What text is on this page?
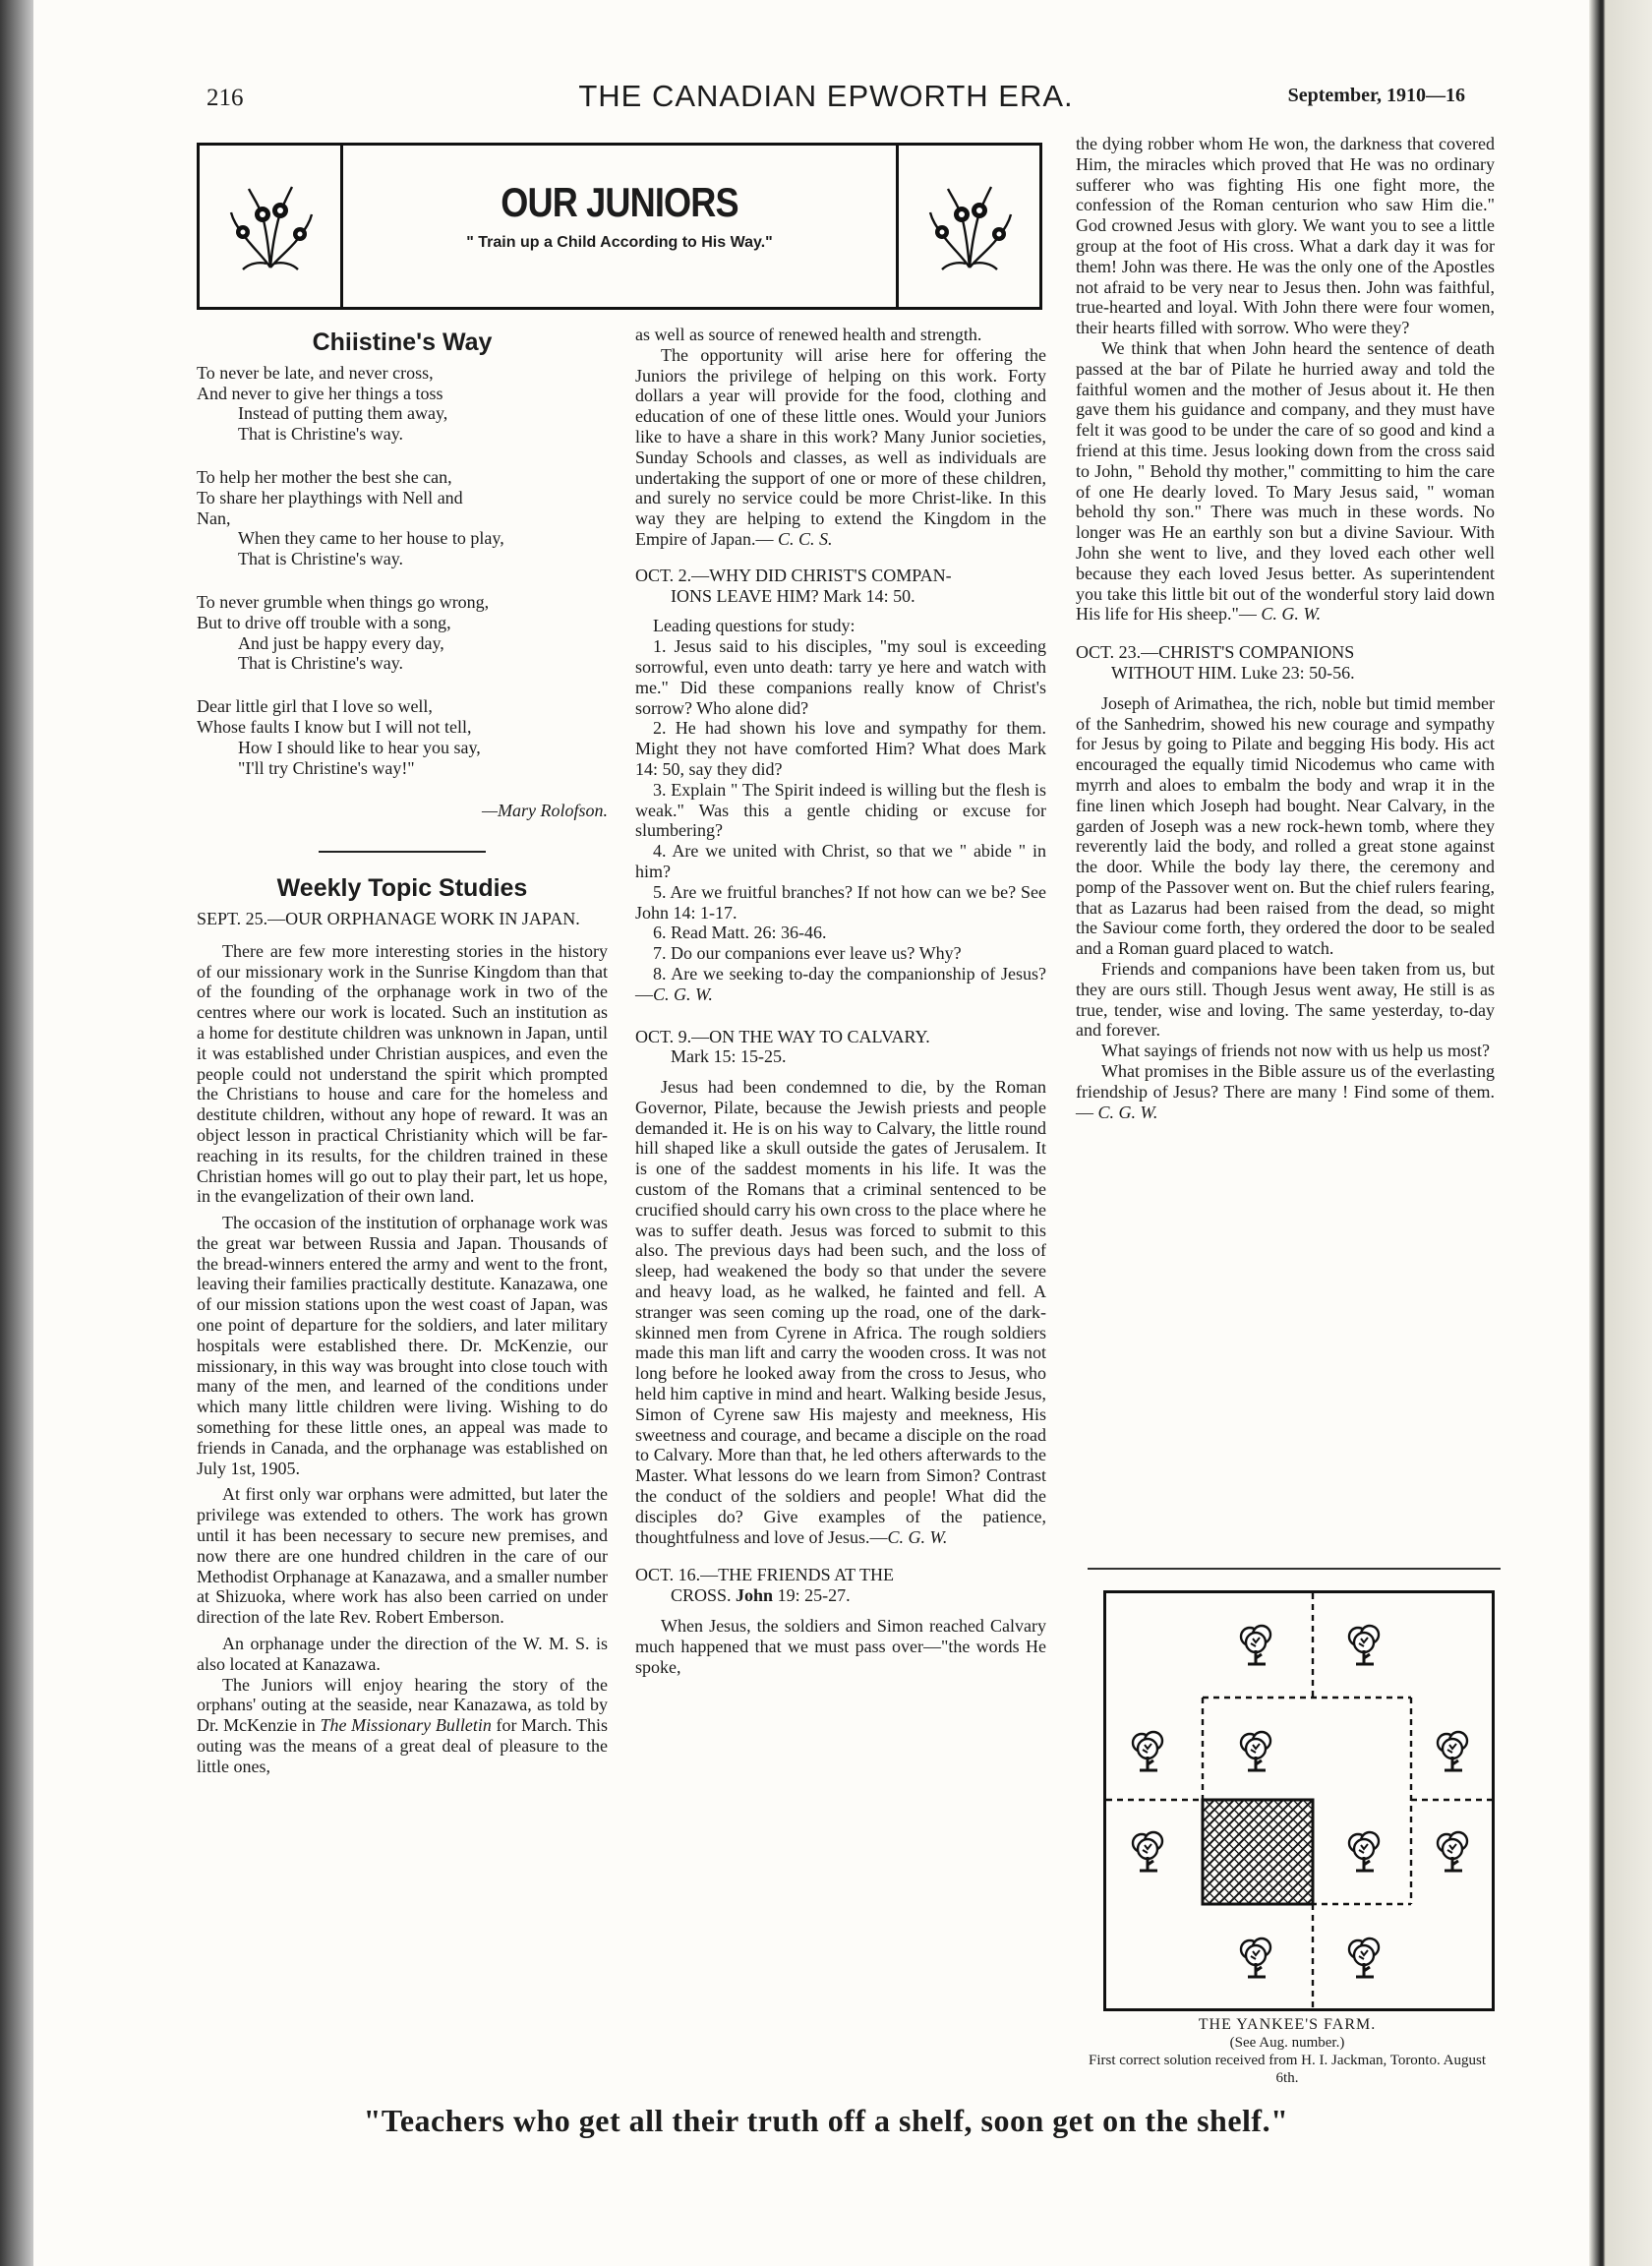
216	THE CANADIAN EPWORTH ERA.	September, 1910—16
OUR JUNIORS
" Train up a Child According to His Way."
Chiistine's Way
To never be late, and never cross,
And never to give her things a toss
Instead of putting them away,
That is Christine's way.
To help her mother the best she can,
To share her playthings with Nell and
Nan,
When they came to her house to play,
That is Christine's way.
To never grumble when things go wrong,
But to drive off trouble with a song,
And just be happy every day,
That is Christine's way.
Dear little girl that I love so well,
Whose faults I know but I will not tell,
How I should like to hear you say,
"I'll try Christine's way!"
—Mary Rolofson.
Weekly Topic Studies

SEPT. 25.—OUR ORPHANAGE WORK IN JAPAN.

There are few more interesting stories in the history of our missionary work in the Sunrise Kingdom than that of the founding of the orphanage work in two of the centres where our work is located. Such an institution as a home for destitute children was unknown in Japan, until it was established under Christian auspices, and even the people could not understand the spirit which prompted the Christians to house and care for the homeless and destitute children, without any hope of reward. It was an object lesson in practical Christianity which will be far-reaching in its results, for the children trained in these Christian homes will go out to play their part, let us hope, in the evangelization of their own land.

The occasion of the institution of orphanage work was the great war between Russia and Japan. Thousands of the bread-winners entered the army and went to the front, leaving their families practically destitute. Kanazawa, one of our mission stations upon the west coast of Japan, was one point of departure for the soldiers, and later military hospitals were established there. Dr. McKenzie, our missionary, in this way was brought into close touch with many of the men, and learned of the conditions under which many little children were living. Wishing to do something for these little ones, an appeal was made to friends in Canada, and the orphanage was established on July 1st, 1905.

At first only war orphans were admitted, but later the privilege was extended to others. The work has grown until it has been necessary to secure new premises, and now there are one hundred children in the care of our Methodist Orphanage at Kanazawa, and a smaller number at Shizuoka, where work has also been carried on under direction of the late Rev. Robert Emberson.

An orphanage under the direction of the W. M. S. is also located at Kanazawa.

The Juniors will enjoy hearing the story of the orphans' outing at the seaside, near Kanazawa, as told by Dr. McKenzie in The Missionary Bulletin for March. This outing was the means of a great deal of pleasure to the little ones,

as well as source of renewed health and strength.

The opportunity will arise here for offering the Juniors the privilege of helping on this work. Forty dollars a year will provide for the food, clothing and education of one of these little ones. Would your Juniors like to have a share in this work? Many Junior societies, Sunday Schools and classes, as well as individuals are undertaking the support of one or more of these children, and surely no service could be more Christ-like. In this way they are helping to extend the Kingdom in the Empire of Japan.— C. C. S.

OCT. 2.—WHY DID CHRIST'S COMPAN-
IONS LEAVE HIM? Mark 14: 50.

Leading questions for study:

1. Jesus said to his disciples, "my soul is exceeding sorrowful, even unto death: tarry ye here and watch with me." Did these companions really know of Christ's sorrow? Who alone did?

2. He had shown his love and sympathy for them. Might they not have comforted Him? What does Mark 14: 50, say they did?

3. Explain " The Spirit indeed is willing but the flesh is weak." Was this a gentle chiding or excuse for slumbering?

4. Are we united with Christ, so that we " abide " in him?

5. Are we fruitful branches? If not how can we be? See John 14: 1-17.

6. Read Matt. 26: 36-46.

7. Do our companions ever leave us? Why?

8. Are we seeking to-day the companionship of Jesus?—C. G. W.

OCT. 9.—ON THE WAY TO CALVARY.
Mark 15: 15-25.

Jesus had been condemned to die, by the Roman Governor, Pilate, because the Jewish priests and people demanded it. He is on his way to Calvary, the little round hill shaped like a skull outside the gates of Jerusalem. It is one of the saddest moments in his life. It was the custom of the Romans that a criminal sentenced to be crucified should carry his own cross to the place where he was to suffer death. Jesus was forced to submit to this also. The previous days had been such, and the loss of sleep, had weakened the body so that under the severe and heavy load, as he walked, he fainted and fell. A stranger was seen coming up the road, one of the dark-skinned men from Cyrene in Africa. The rough soldiers made this man lift and carry the wooden cross. It was not long before he looked away from the cross to Jesus, who held him captive in mind and heart. Walking beside Jesus, Simon of Cyrene saw His majesty and meekness, His sweetness and courage, and became a disciple on the road to Calvary. More than that, he led others afterwards to the Master. What lessons do we learn from Simon? Contrast the conduct of the soldiers and people! What did the disciples do? Give examples of the patience, thoughtfulness and love of Jesus.—C. G. W.

OCT. 16.—THE FRIENDS AT THE
CROSS. John 19: 25-27.

When Jesus, the soldiers and Simon reached Calvary much happened that we must pass over—"the words He spoke,

the dying robber whom He won, the darkness that covered Him, the miracles which proved that He was no ordinary sufferer who was fighting His one fight more, the confession of the Roman centurion who saw Him die." God crowned Jesus with glory. We want you to see a little group at the foot of His cross. What a dark day it was for them! John was there. He was the only one of the Apostles not afraid to be very near to Jesus then. John was faithful, true-hearted and loyal. With John there were four women, their hearts filled with sorrow. Who were they?

We think that when John heard the sentence of death passed at the bar of Pilate he hurried away and told the faithful women and the mother of Jesus about it. He then gave them his guidance and company, and they must have felt it was good to be under the care of so good and kind a friend at this time. Jesus looking down from the cross said to John, " Behold thy mother," committing to him the care of one He dearly loved. To Mary Jesus said, " woman behold thy son." There was much in these words. No longer was He an earthly son but a divine Saviour. With John she went to live, and they loved each other well because they each loved Jesus better. As superintendent you take this little bit out of the wonderful story laid down His life for His sheep."— C. G. W.

OCT. 23.—CHRIST'S COMPANIONS
WITHOUT HIM. Luke 23: 50-56.

Joseph of Arimathea, the rich, noble but timid member of the Sanhedrim, showed his new courage and sympathy for Jesus by going to Pilate and begging His body. His act encouraged the equally timid Nicodemus who came with myrrh and aloes to embalm the body and wrap it in the fine linen which Joseph had bought. Near Calvary, in the garden of Joseph was a new rock-hewn tomb, where they reverently laid the body, and rolled a great stone against the door. While the body lay there, the ceremony and pomp of the Passover went on. But the chief rulers fearing, that as Lazarus had been raised from the dead, so might the Saviour come forth, they ordered the door to be sealed and a Roman guard placed to watch.

Friends and companions have been taken from us, but they are ours still. Though Jesus went away, He still is as true, tender, wise and loving. The same yesterday, to-day and forever.

What sayings of friends not now with us help us most?

What promises in the Bible assure us of the everlasting friendship of Jesus? There are many ! Find some of them.— C. G. W.

THE YANKEE'S FARM.
(See Aug. number.)
First correct solution received from H. I. Jackman, Toronto. August 6th.
"Teachers who get all their truth off a shelf, soon get on the shelf."
